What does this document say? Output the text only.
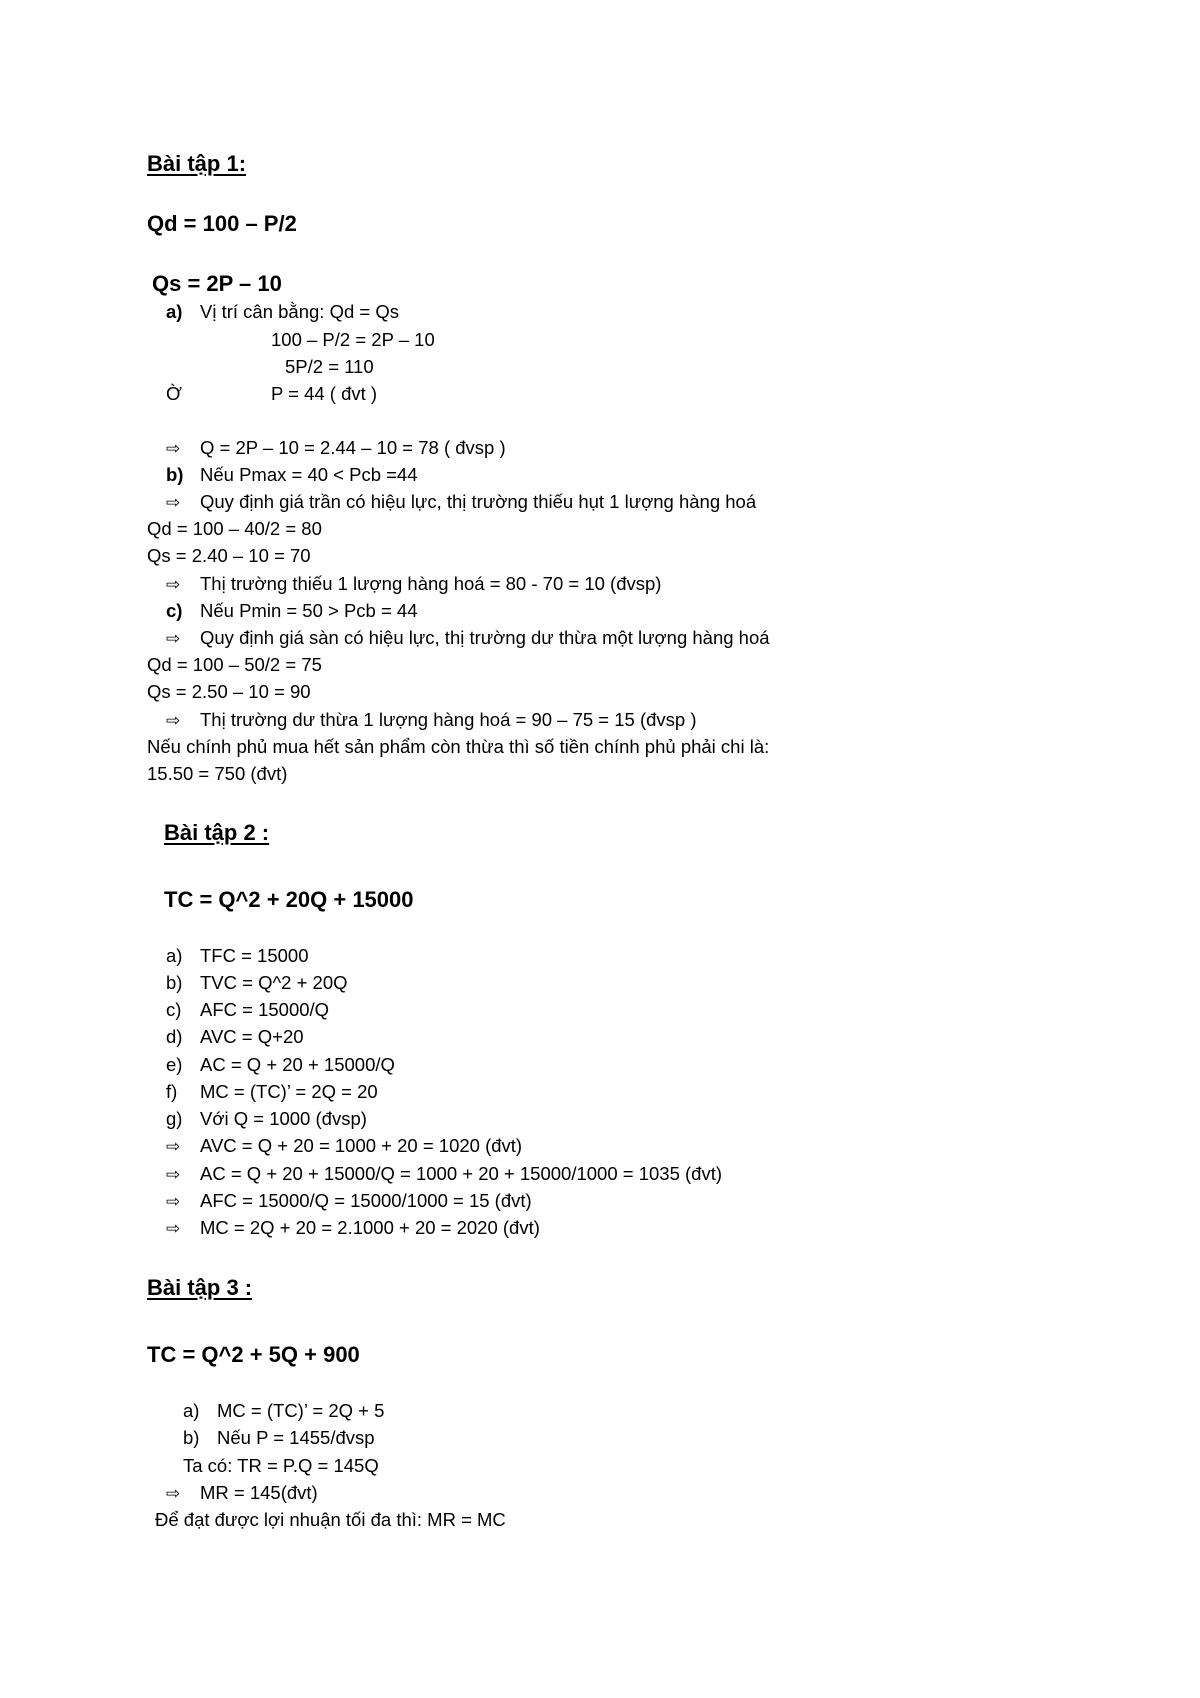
Bài tập 1:
Qd = 100 – P/2
Qs = 2P – 10
a) Vị trí cân bằng: Qd = Qs
100 – P/2 = 2P – 10
5P/2 = 110
Ờ	P = 44 ( đvt )
⇨ Q = 2P – 10 = 2.44 – 10 = 78 ( đvsp )
b) Nếu Pmax = 40 < Pcb =44
⇨ Quy định giá trần có hiệu lực, thị trường thiếu hụt 1 lượng hàng hoá
Qd = 100 – 40/2 = 80
Qs = 2.40 – 10 = 70
⇨ Thị trường thiếu 1 lượng hàng hoá = 80 - 70 = 10 (đvsp)
c) Nếu Pmin = 50 > Pcb = 44
⇨ Quy định giá sàn có hiệu lực, thị trường dư thừa một lượng hàng hoá
Qd = 100 – 50/2 = 75
Qs = 2.50 – 10 = 90
⇨ Thị trường dư thừa 1 lượng hàng hoá = 90 – 75 = 15 (đvsp )
Nếu chính phủ mua hết sản phẩm còn thừa thì số tiền chính phủ phải chi là:
15.50 = 750 (đvt)
Bài tập 2 :
TC = Q^2 + 20Q + 15000
a) TFC = 15000
b) TVC = Q^2 + 20Q
c) AFC = 15000/Q
d) AVC = Q+20
e) AC = Q + 20 + 15000/Q
f) MC = (TC)’ = 2Q = 20
g) Với Q = 1000 (đvsp)
⇨ AVC = Q + 20 = 1000 + 20 = 1020 (đvt)
⇨ AC = Q + 20 + 15000/Q = 1000 + 20 + 15000/1000 = 1035 (đvt)
⇨ AFC = 15000/Q = 15000/1000 = 15 (đvt)
⇨ MC = 2Q + 20 = 2.1000 + 20 = 2020 (đvt)
Bài tập 3 :
TC = Q^2 + 5Q + 900
a) MC = (TC)’ = 2Q + 5
b) Nếu P = 1455/đvsp
Ta có: TR = P.Q = 145Q
⇨ MR = 145(đvt)
Để đạt được lợi nhuận tối đa thì: MR = MC
